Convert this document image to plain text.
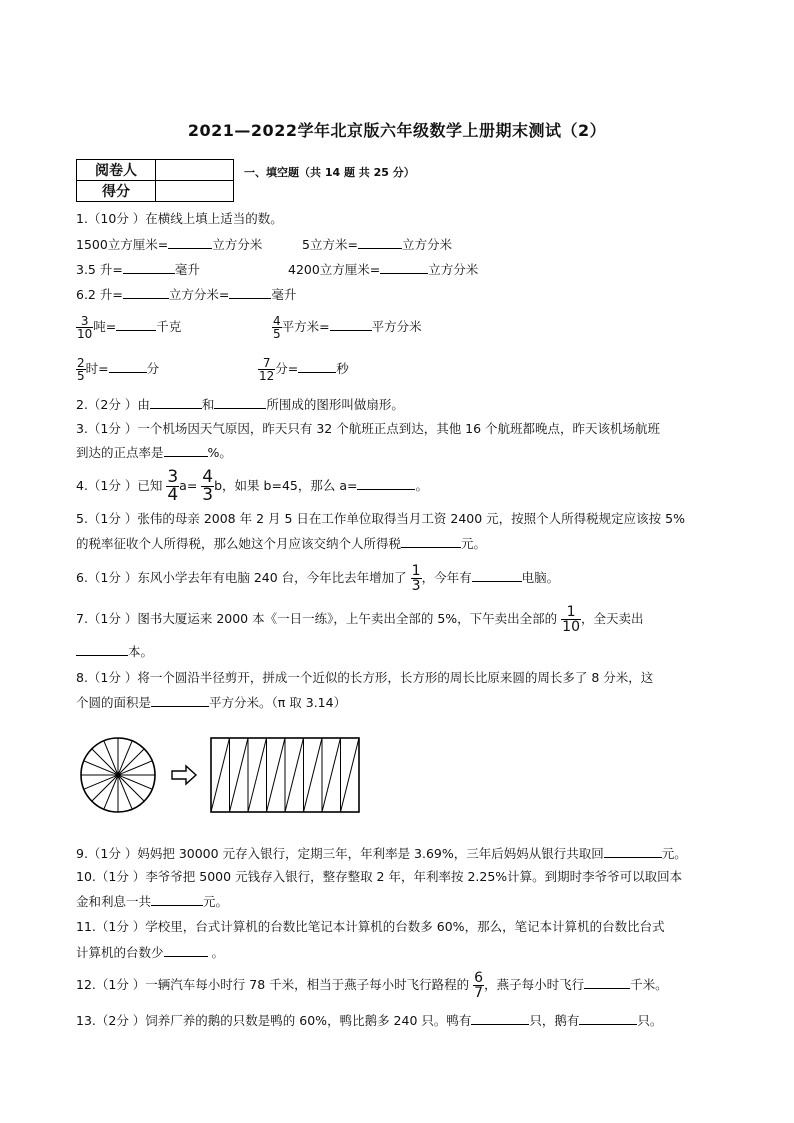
2021—2022学年北京版六年级数学上册期末测试（2）
阅卷人	
得分	
一、填空题（共 14 题 共 25 分）
1.（10分 ）在横线上填上适当的数。
1500立方厘米=	立方分米	5立方米=	立方分米
3.5 升=	毫升	4200立方厘米=	立方分米
6.2 升=	立方分米=	毫升
$\frac{3}{10}$ 吨=	千克	$\frac{4}{5}$ 平方米=	平方分米
$\frac{2}{5}$ 时=	分	$\frac{7}{12}$ 分=	秒
2.（2分 ）由	和	所围成的图形叫做扇形。
3.（1分 ）一个机场因天气原因，昨天只有 32 个航班正点到达，其他 16 个航班都晚点，昨天该机场航班
到达的正点率是	%。
4.（1分 ）已知 $\frac{3}{4} a= \frac{4}{3}$ b，如果 b=45，那么 a=	。
5.（1分 ）张伟的母亲 2008 年 2 月 5 日在工作单位取得当月工资 2400 元，按照个人所得税规定应该按 5%
的税率征收个人所得税，那么她这个月应该交纳个人所得税	元。
6.（1分 ）东风小学去年有电脑 240 台，今年比去年增加了 $\frac{1}{3}$ ，今年有	电脑。
7.（1分 ）图书大厦运来 2000 本《一日一练》，上午卖出全部的 5%，下午卖出全部的 $\frac{1}{10}$ ，全天卖出
本。
8.（1分 ）将一个圆沿半径剪开，拼成一个近似的长方形，长方形的周长比原来圆的周长多了 8 分米，这
个圆的面积是	平方分米。（π 取 3.14）
9.（1分 ）妈妈把 30000 元存入银行，定期三年，年利率是 3.69%，三年后妈妈从银行共取回	元。
10.（1分 ）李爷爷把 5000 元钱存入银行，整存整取 2 年，年利率按 2.25%计算。到期时李爷爷可以取回本
金和利息一共	元。
11.（1分 ）学校里，台式计算机的台数比笔记本计算机的台数多 60%，那么，笔记本计算机的台数比台式
计算机的台数少	。
12.（1分 ）一辆汽车每小时行 78 千米，相当于燕子每小时飞行路程的 $\frac{6}{7}$ ，燕子每小时飞行	千米。
13.（2分 ）饲养厂养的鹅的只数是鸭的 60%，鸭比鹅多 240 只。鸭有	只，鹅有	只。
